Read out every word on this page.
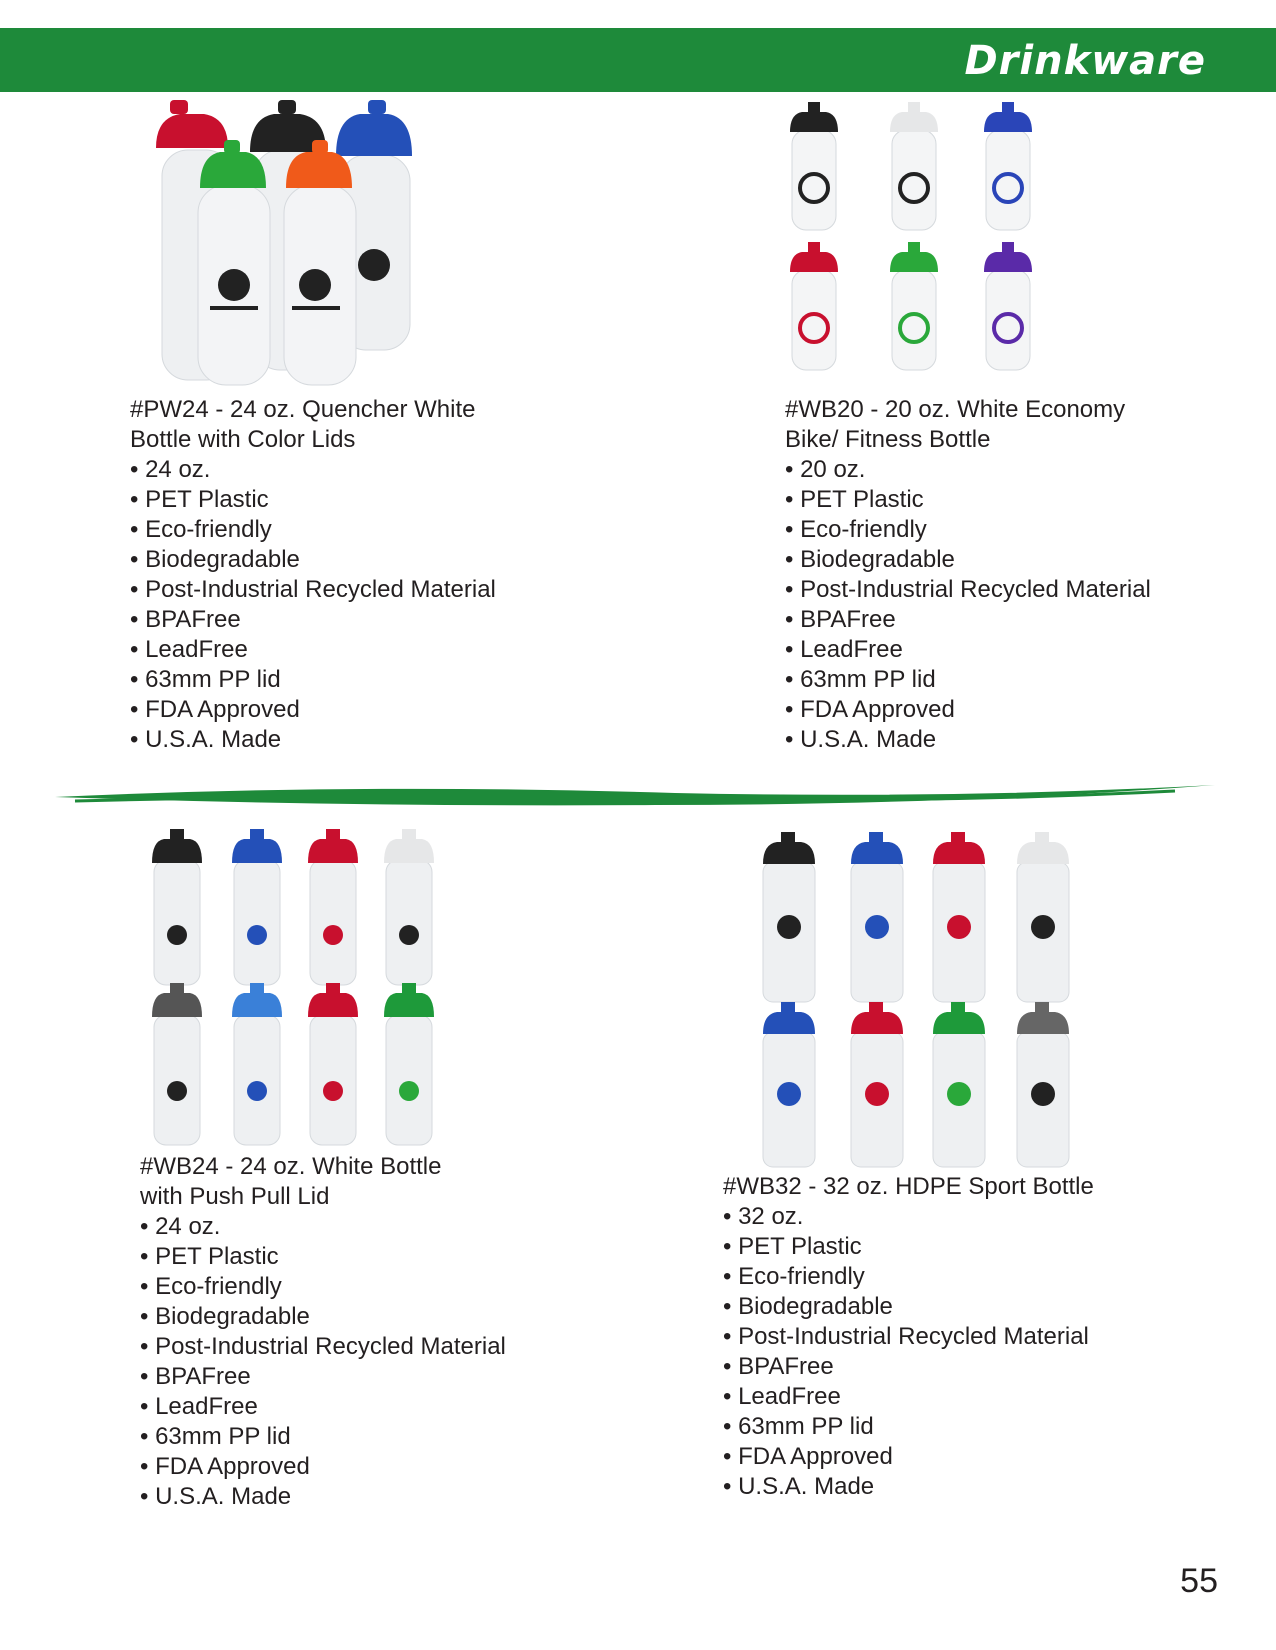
Drinkware
#PW24 - 24 oz. Quencher White
Bottle with Color Lids
• 24 oz.
• PET Plastic
• Eco-friendly
• Biodegradable
• Post-Industrial Recycled Material
• BPAFree
• LeadFree
• 63mm PP lid
• FDA Approved
• U.S.A. Made
#WB20 - 20 oz. White Economy
Bike/ Fitness Bottle
• 20 oz.
• PET Plastic
• Eco-friendly
• Biodegradable
• Post-Industrial Recycled Material
• BPAFree
• LeadFree
• 63mm PP lid
• FDA Approved
• U.S.A. Made
#WB24 - 24 oz. White Bottle
with Push Pull Lid
• 24 oz.
• PET Plastic
• Eco-friendly
• Biodegradable
• Post-Industrial Recycled Material
• BPAFree
• LeadFree
• 63mm PP lid
• FDA Approved
• U.S.A. Made
#WB32 - 32 oz. HDPE Sport Bottle
• 32 oz.
• PET Plastic
• Eco-friendly
• Biodegradable
• Post-Industrial Recycled Material
• BPAFree
• LeadFree
• 63mm PP lid
• FDA Approved
• U.S.A. Made
55
